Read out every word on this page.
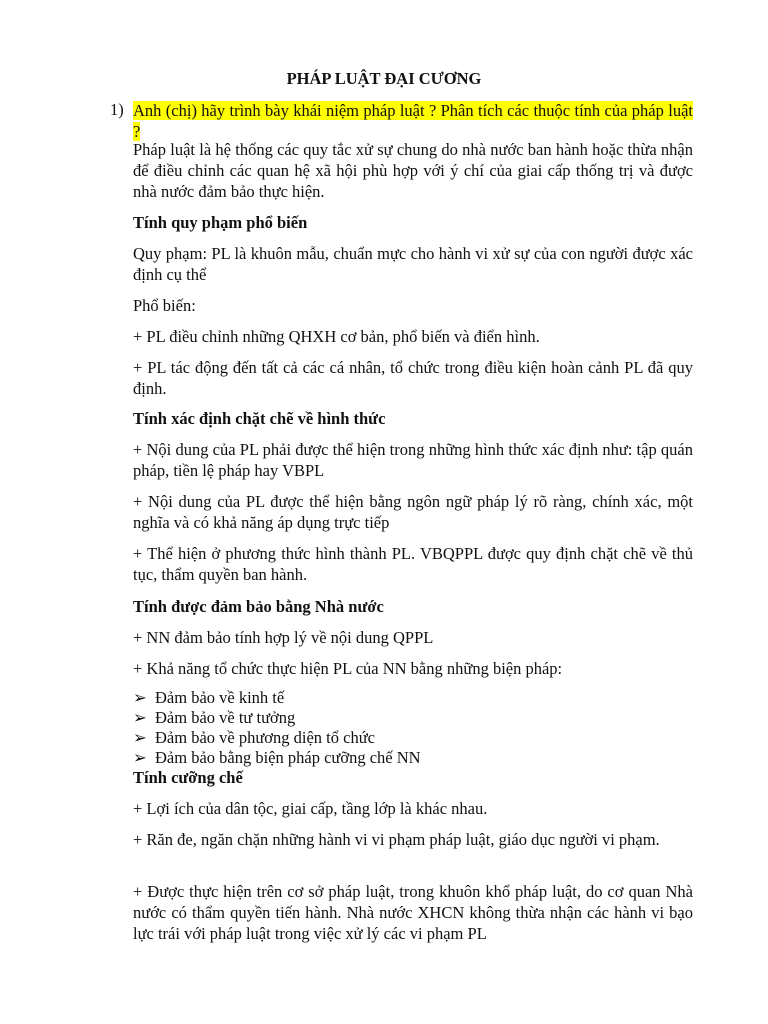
PHÁP LUẬT ĐẠI CƯƠNG
1) Anh (chị) hãy trình bày khái niệm pháp luật ? Phân tích các thuộc tính của pháp luật ?
Pháp luật là hệ thống các quy tắc xử sự chung do nhà nước ban hành hoặc thừa nhận để điều chỉnh các quan hệ xã hội phù hợp với ý chí của giai cấp thống trị và được nhà nước đảm bảo thực hiện.
Tính quy phạm phổ biến
Quy phạm: PL là khuôn mẫu, chuẩn mực cho hành vi xử sự của con người được xác định cụ thể
Phổ biến:
+ PL điều chỉnh những QHXH cơ bản, phổ biến và điển hình.
+ PL tác động đến tất cả các cá nhân, tổ chức trong điều kiện hoàn cảnh PL đã quy định.
Tính xác định chặt chẽ về hình thức
+ Nội dung của PL phải được thể hiện trong những hình thức xác định như: tập quán pháp, tiền lệ pháp hay VBPL
+ Nội dung của PL được thể hiện bằng ngôn ngữ pháp lý rõ ràng, chính xác, một nghĩa và có khả năng áp dụng trực tiếp
+ Thể hiện ở phương thức hình thành PL. VBQPPL được quy định chặt chẽ về thủ tục, thẩm quyền ban hành.
Tính được đảm bảo bằng Nhà nước
+ NN đảm bảo tính hợp lý về nội dung QPPL
+ Khả năng tổ chức thực hiện PL của NN bằng những biện pháp:
➢ Đảm bảo về kinh tế
➢ Đảm bảo về tư tưởng
➢ Đảm bảo về phương diện tổ chức
➢ Đảm bảo bằng biện pháp cưỡng chế NN
Tính cưỡng chế
+ Lợi ích của dân tộc, giai cấp, tầng lớp là khác nhau.
+ Răn đe, ngăn chặn những hành vi vi phạm pháp luật, giáo dục người vi phạm.
+ Được thực hiện trên cơ sở pháp luật, trong khuôn khổ pháp luật, do cơ quan Nhà nước có thẩm quyền tiến hành. Nhà nước XHCN không thừa nhận các hành vi bạo lực trái với pháp luật trong việc xử lý các vi phạm PL
